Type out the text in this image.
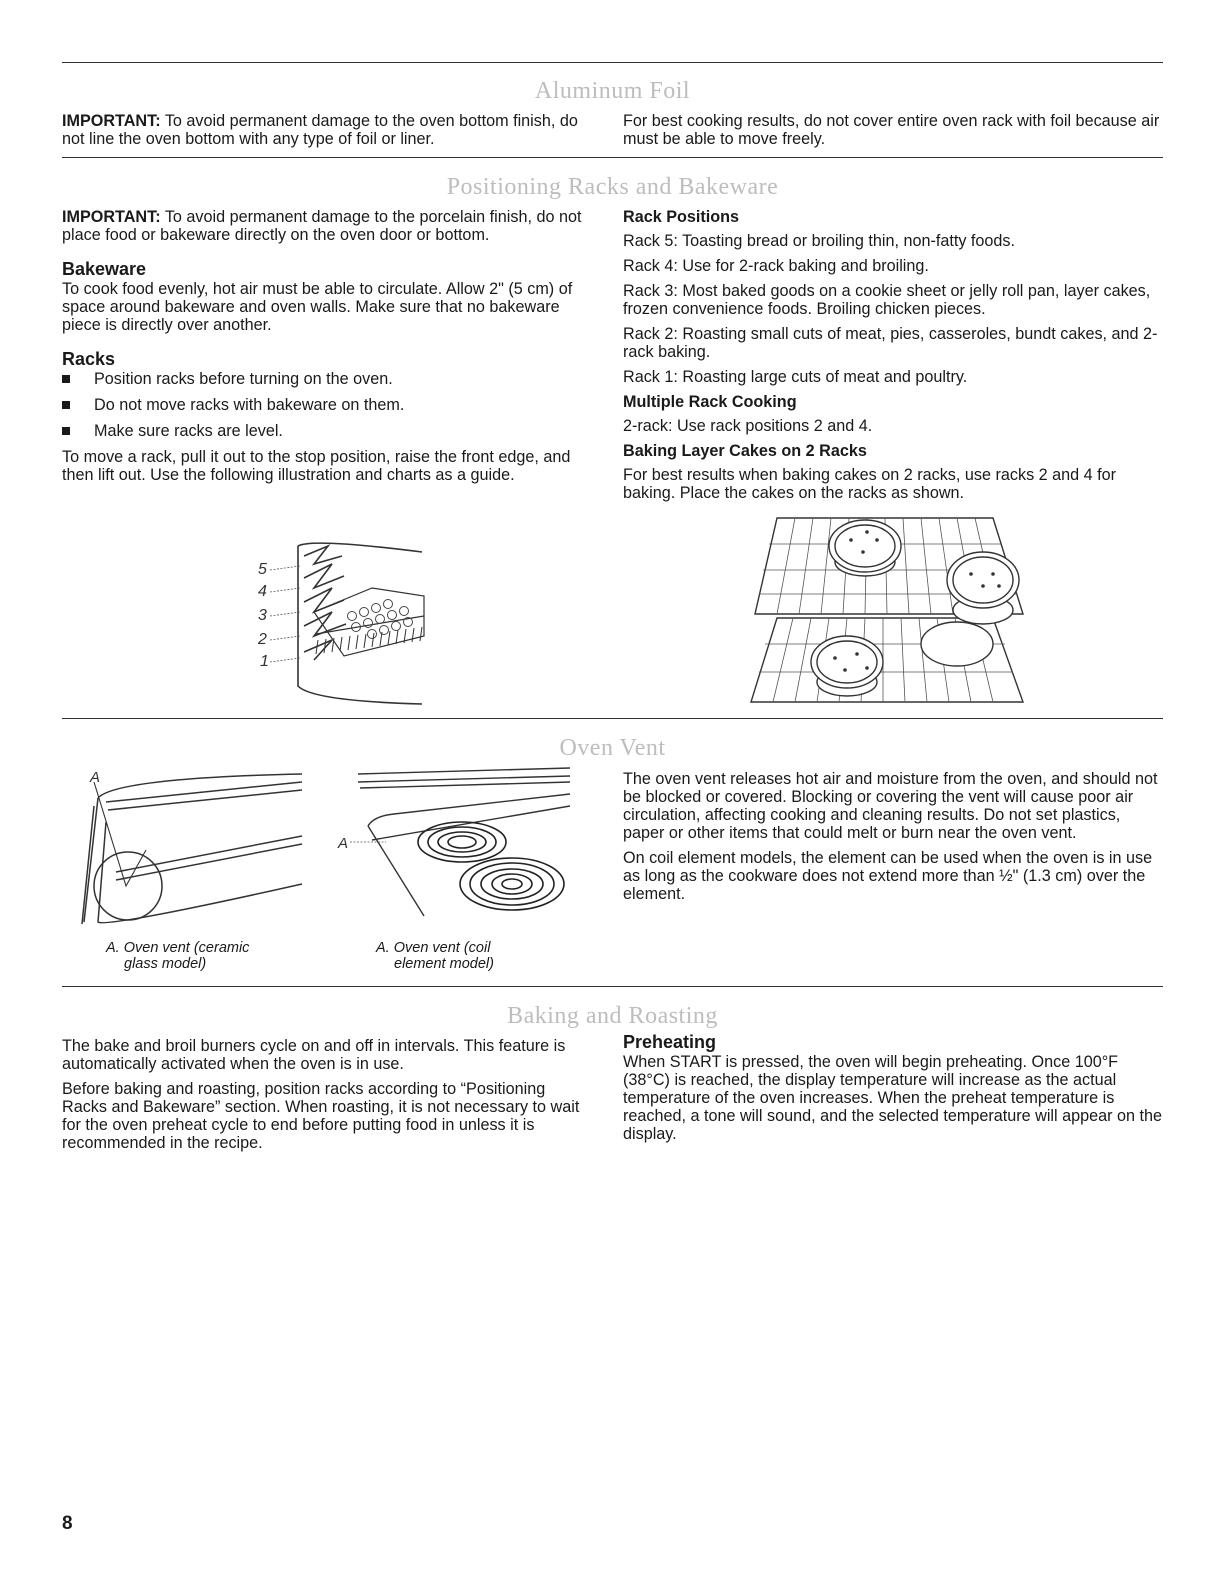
Aluminum Foil

IMPORTANT: To avoid permanent damage to the oven bottom finish, do not line the oven bottom with any type of foil or liner.

For best cooking results, do not cover entire oven rack with foil because air must be able to move freely.

Positioning Racks and Bakeware

IMPORTANT: To avoid permanent damage to the porcelain finish, do not place food or bakeware directly on the oven door or bottom.

Bakeware

To cook food evenly, hot air must be able to circulate. Allow 2" (5 cm) of space around bakeware and oven walls. Make sure that no bakeware piece is directly over another.

Racks
Position racks before turning on the oven.
Do not move racks with bakeware on them.
Make sure racks are level.

To move a rack, pull it out to the stop position, raise the front edge, and then lift out. Use the following illustration and charts as a guide.

Rack Positions

Rack 5: Toasting bread or broiling thin, non-fatty foods.

Rack 4: Use for 2-rack baking and broiling.

Rack 3: Most baked goods on a cookie sheet or jelly roll pan, layer cakes, frozen convenience foods. Broiling chicken pieces.

Rack 2: Roasting small cuts of meat, pies, casseroles, bundt cakes, and 2-rack baking.

Rack 1: Roasting large cuts of meat and poultry.

Multiple Rack Cooking

2-rack: Use rack positions 2 and 4.

Baking Layer Cakes on 2 Racks

For best results when baking cakes on 2 racks, use racks 2 and 4 for baking. Place the cakes on the racks as shown.

5
4
3
2
1
Oven Vent
A
A
A. Oven vent (ceramic
glass model)
A. Oven vent (coil
element model)

The oven vent releases hot air and moisture from the oven, and should not be blocked or covered. Blocking or covering the vent will cause poor air circulation, affecting cooking and cleaning results. Do not set plastics, paper or other items that could melt or burn near the oven vent.

On coil element models, the element can be used when the oven is in use as long as the cookware does not extend more than ½" (1.3 cm) over the element.

Baking and Roasting

The bake and broil burners cycle on and off in intervals. This feature is automatically activated when the oven is in use.

Before baking and roasting, position racks according to “Positioning Racks and Bakeware” section. When roasting, it is not necessary to wait for the oven preheat cycle to end before putting food in unless it is recommended in the recipe.

Preheating

When START is pressed, the oven will begin preheating. Once 100°F (38°C) is reached, the display temperature will increase as the actual temperature of the oven increases. When the preheat temperature is reached, a tone will sound, and the selected temperature will appear on the display.

8
